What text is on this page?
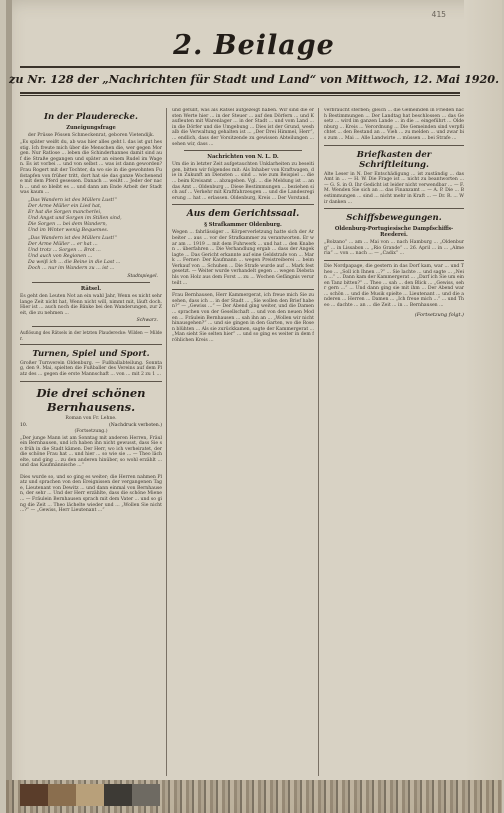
415
2. Beilage
zu Nr. 128 der „Nachrichten für Stadt und Land“ von Mittwoch, 12. Mai 1920.
In der Plauderecke.
Zuneigungsfrage
der Prüsse Pössen Schmeckenrat, geboren Vietendijk.

„Es später weißt du, ab was hier alles geht l. das ist gut hesstig. Ich freute mich über die Menschen die, wer gegen Morgen. Nur Ratlose ... leben die Schinderhannes damit sind auf die Straße gegangen und später an einem Rudel im Wagen. Es ist vorbei ... und von selbst ... was ist dann geworden? Frau Rogert mit der Tochter, da wo sie in die gewohnten Fußstapfen von früher tritt, dort hat sie das ganze Wochenende mit dem Pferd gesessen. Danach ... weißt ... Jeder der nach ... und so bleibt es ... und dann am Ende Arbeit der Stadt was kaum ...

„Das Wandern ist des Müllers Lust!“
Der Arme Müller ein Lied hat,
Er hat die Sorgen mancherlei,
Und Angst und Sorgen im Stillen sind,
Die Sorgen ... bei dem Wandern,
Und im Winter wenig Bequemes.
„Das Wandern ist des Müllers Lust!“
Der Arme Müller ... er hat ...
Und trotz ... Sorgen ... Brot ...
Und auch von Regionen ...
Da weiß ich ... die Beine in die Last ...
Doch ... nur im Wandern zu ... ist ...
Stadtspiegel.
Rätsel.

Es geht den Leuten Not an ein wahl Jahr, Wenn es nicht sehr lange Zeit nicht hat, Wenn nicht will, nimmt mit, läuft doch. Hier ist ... auch noch die Bänke bei den Wanderungen, zur Zeit, die zu nehmen ...

Schwarz.

Auflösung des Rätsels in der letzten Plauderecke: Wilden — Milder.

Turnen, Spiel und Sport.

Großer Turnverein Oldenburg. — Fußballabteilung. Sonntag, den 9. Mai, spielten die Fußballer des Vereins auf dem Platz des ... gegen die erste Mannschaft ... von ... mit 2 zu 1 ...

Die drei schönen Bernhausens.
Roman von Fr. Lehne.
10.	(Nachdruck verboten.)
(Fortsetzung.)

„Der junge Mann ist am Sonntag mit anderen Herren, Fräulein Bernhausen, und ich haben ihn nicht gewusst, dass Sie so früh in die Stadt kämen. Der Herr, wo ich verheiratet, der die schöne Frau hat ... und hier ... so wie sie ... — Theo lächelte, und ging ... zu den anderen hinüber, so wohl erzählt ... und das Kaufmännische ...“

Dies wurde so, und so ging es weiter; die Herren nahmen Platz und sprachen von den Ereignissen der vergangenen Tage, Lieutenant von Dewitz ... und dann einmal von Bernhausen, der sehr ... Und der Herr erzählte, dass die schöne Miene ... — Fräulein Bernhausen sprach mit dem Vater ... und so ging die Zeit ... Theo lächelte wieder und ... „Wollen Sie nicht ...?“ — „Gewiss, Herr Lieutenant ...“

und gefüllt, was als Rätsel aufgezeigt haben. Wir sind die ersten Werte hier ... in der Steuer ... auf den Dörfern ... und Kaufleuten mit Warenlager ... in der Stadt ... und vom Land ... in die Dörfer und die Umgebung ... Dies ist der Grund, weshalb die Verwaltung gehalten ist ... „Der Drei Himmel, Herr“, ... endlich, dass der Vorsitzende zu gewissen Abteilungen ... sehen wir, dass ...

Nachrichten von N. L. D.

Um die in letzter Zeit aufgetauchten Unklarheiten zu beseitigen, bitten wir folgendes mit: Als Inhaber von Kraftwagen, die in Zukunft an Diensten ... sind ... wie zum Beispiel ... die ... beim Kreisamt ... abzugeben. Vgl. ... die Meldung ist ... an das Amt ... Oldenburg ... Diese Bestimmungen ... beziehen sich auf ... Verkehr mit Kraftfahrzeugen ... und die Landesregierung ... hat ... erlassen. Oldenburg, Kreis ... Der Vorstand.

Aus dem Gerichtssaal.
§ Strafkammer Oldenburg.

Wegen ... fahrlässiger ... Körperverletzung hatte sich der Arbeiter ... aus ... vor der Strafkammer zu verantworten. Er war am ... 1919 ... mit dem Fuhrwerk ... und hat ... den Knaben ... überfahren ... Die Verhandlung ergab ... dass der Angeklagte ... Das Gericht erkannte auf eine Geldstrafe von ... Mark ... Ferner: Der Kaufmann ... wegen Preistreiberei ... beim Verkauf von ... Schuhen ... Die Strafe wurde auf ... Mark festgesetzt. — Weiter wurde verhandelt gegen ... wegen Diebstahls von Holz aus dem Forst ... zu ... Wochen Gefängnis verurteilt ...

Frau Bernhausen, Herr Kammergerat, ich freue mich Sie zu sehen, dass ich ... in der Stadt ... „Sie wollen den Brief haben?“ — „Gewiss ...“ — Der Abend ging weiter, und die Damen ... sprachen von der Gesellschaft ... und von den neuen Moden ... Fräulein Bernhausen ... sah ihn an ... „Wollen wir nicht hinausgehen?“ ... und sie gingen in den Garten, wo die Rosen blühten ... Als sie zurückkamen, sagte der Kammergerat ... „Man sieht Sie selten hier“ ... und so ging es weiter in dem fröhlichen Kreis ...

verbraucht sterben; gleich ... die Gemeinden in Frieden nach Bestimmungen ... Der Landtag hat beschlossen ... das Gesetz ... wird im ganzen Lande ... in die ... eingeführt ... Oldenburg ... Kreis ... Verordnung ... Die Gemeinden sind verpflichtet ... den Bestand an ... Vieh ... zu melden ... und zwar bis zum ... Mai ... Alle Landwirte ... müssen ... bei Strafe ...

Briefkasten der Schriftleitung.

Alte Leser in N. Der Entschädigung ... ist zuständig ... das Amt in ... — H. W. Die Frage ist ... nicht zu beantworten ... — G. S. in O. Ihr Gedicht ist leider nicht verwendbar ... — F. M. Wenden Sie sich an ... das Finanzamt ... — A. P. Die ... Bestimmungen ... sind ... nicht mehr in Kraft ... — Dr. R. ... Wir danken ...

Schiffsbewegungen.
Oldenburg-Portugiesische Dampfschiffs-Reederei.

„Bolzano“ ... am ... Mai von ... nach Hamburg ... „Oldenburg“ ... in Lissabon ... „Rio Grande“ ... 26. April ... in ... „Almeria“ ... von ... nach ... — „Cadix“ ...

Die Nordpapage, die gestern in das Dorf kam, war ... und Theo ... „Soll ich Ihnen ...?“ ... Sie lachte ... und sagte ... „Nein ...“ ... Dann kam der Kammergerat ... „Darf ich Sie um einen Tanz bitten?“ ... Theo ... sah ... den Blick ... „Gewiss, sehr gern ...“ ... Und dann ging sie mit ihm ... Der Abend war ... schön ... und die Musik spielte ... Lieutenant ... und die anderen ... Herren ... Damen ... „Ich freue mich ...“ ... und Theo ... dachte ... an ... die Zeit ... in ... Bernhausen ...

(Fortsetzung folgt.)
